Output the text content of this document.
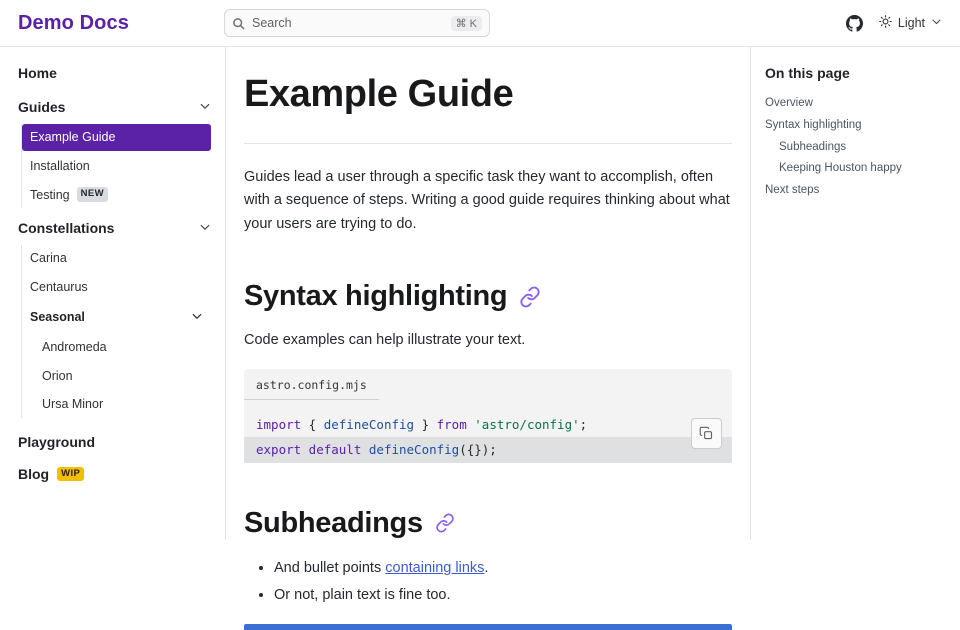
Demo Docs	Search	⌘ K	Light
Home
Guides
Example Guide
Installation
Testing	NEW
Constellations
Carina
Centaurus
Seasonal
Andromeda
Orion
Ursa Minor
Playground
Blog	WIP
Example Guide

Guides lead a user through a specific task they want to accomplish, often with a sequence of steps. Writing a good guide requires thinking about what your users are trying to do.

Syntax highlighting

Code examples can help illustrate your text.

astro.config.mjs
import { defineConfig } from 'astro/config';
export default defineConfig({});
Subheadings
• And bullet points containing links.
• Or not, plain text is fine too.
On this page
Overview
Syntax highlighting
Subheadings
Keeping Houston happy
Next steps
